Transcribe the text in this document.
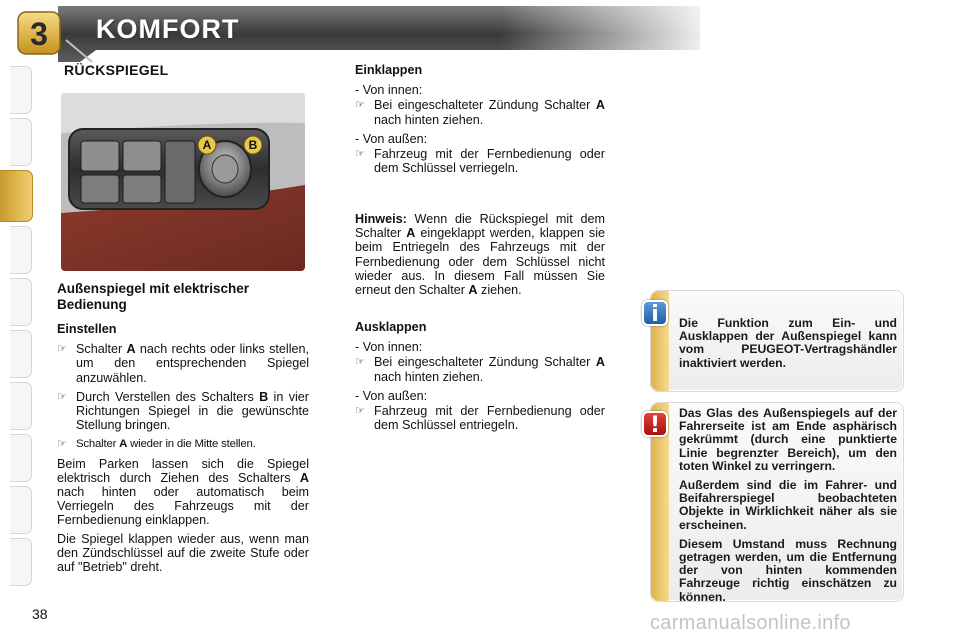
3 KOMFORT
RÜCKSPIEGEL
A	B
Außenspiegel mit elektrischer Bedienung
Einstellen
☞ Schalter A nach rechts oder links stellen, um den entsprechenden Spiegel anzuwählen.
☞ Durch Verstellen des Schalters B in vier Richtungen Spiegel in die gewünschte Stellung bringen.
☞ Schalter A wieder in die Mitte stellen.

Beim Parken lassen sich die Spiegel elektrisch durch Ziehen des Schalters A nach hinten oder automatisch beim Verriegeln des Fahrzeugs mit der Fernbedienung einklappen.

Die Spiegel klappen wieder aus, wenn man den Zündschlüssel auf die zweite Stufe oder auf "Betrieb" dreht.

Einklappen
- Von innen:
☞ Bei eingeschalteter Zündung Schalter A nach hinten ziehen.
- Von außen:
☞ Fahrzeug mit der Fernbedienung oder dem Schlüssel verriegeln.

Hinweis: Wenn die Rückspiegel mit dem Schalter A eingeklappt werden, klappen sie beim Entriegeln des Fahrzeugs mit der Fernbedienung oder dem Schlüssel nicht wieder aus. In diesem Fall müssen Sie erneut den Schalter A ziehen.

Ausklappen
- Von innen:
☞ Bei eingeschalteter Zündung Schalter A nach hinten ziehen.
- Von außen:
☞ Fahrzeug mit der Fernbedienung oder dem Schlüssel entriegeln.
Die Funktion zum Ein- und Ausklappen der Außenspiegel kann vom PEUGEOT-Vertragshändler inaktiviert werden.
i

Das Glas des Außenspiegels auf der Fahrerseite ist am Ende asphärisch gekrümmt (durch eine punktierte Linie begrenzter Bereich), um den toten Winkel zu verringern.

Außerdem sind die im Fahrer- und Beifahrerspiegel beobachteten Objekte in Wirklichkeit näher als sie erscheinen.

Diesem Umstand muss Rechnung getragen werden, um die Entfernung der von hinten kommenden Fahrzeuge richtig einschätzen zu können.

!
38	carmanualsonline.info
